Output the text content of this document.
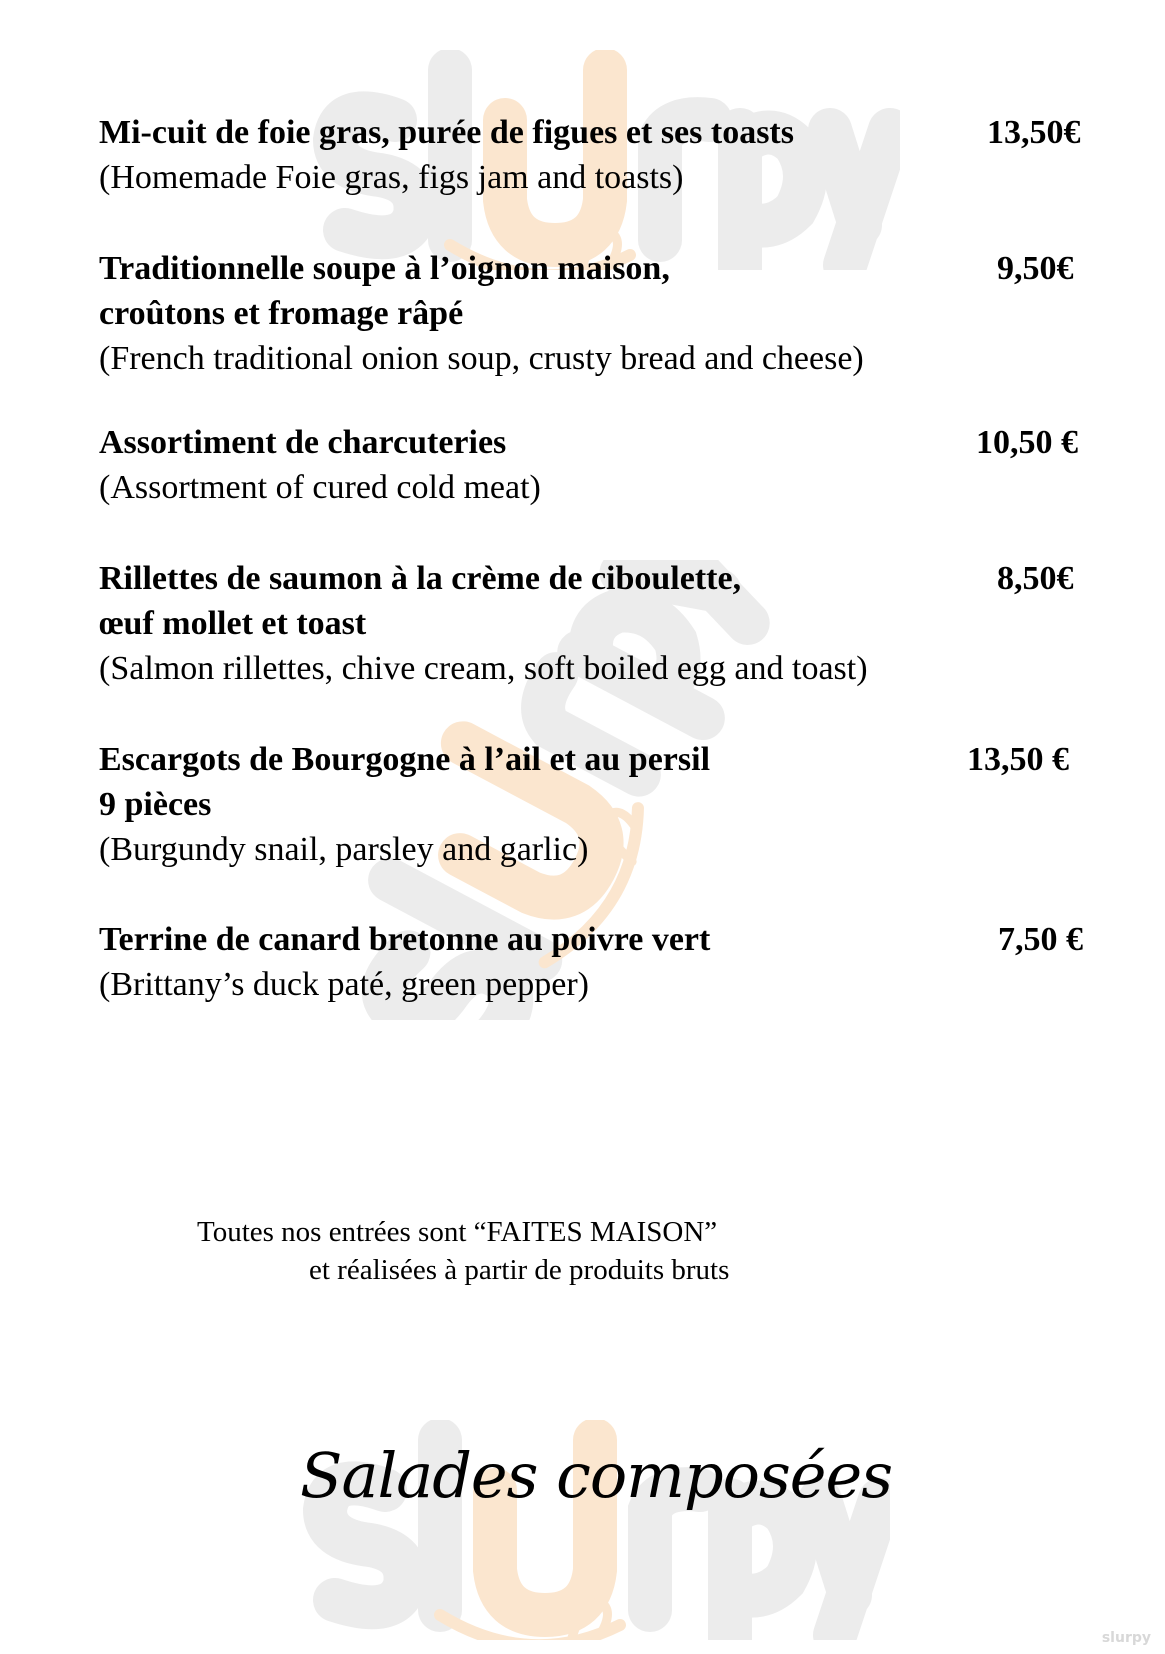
Mi-cuit de foie gras, purée de figues et ses toasts	13,50€
(Homemade Foie gras, figs jam and toasts)
Traditionnelle soupe à l’oignon maison,	9,50€
croûtons et fromage râpé
(French traditional onion soup, crusty bread and cheese)
Assortiment de charcuteries	10,50 €
(Assortment of cured cold meat)
Rillettes de saumon à la crème de ciboulette,	8,50€
œuf mollet et toast
(Salmon rillettes, chive cream, soft boiled egg and toast)
Escargots de Bourgogne à l’ail et au persil	13,50 €
9 pièces
(Burgundy snail, parsley and garlic)
Terrine de canard bretonne au poivre vert	7,50 €
(Brittany’s duck paté, green pepper)
Toutes nos entrées sont “FAITES MAISON”
et réalisées à partir de produits bruts
Salades composées
slurpy
